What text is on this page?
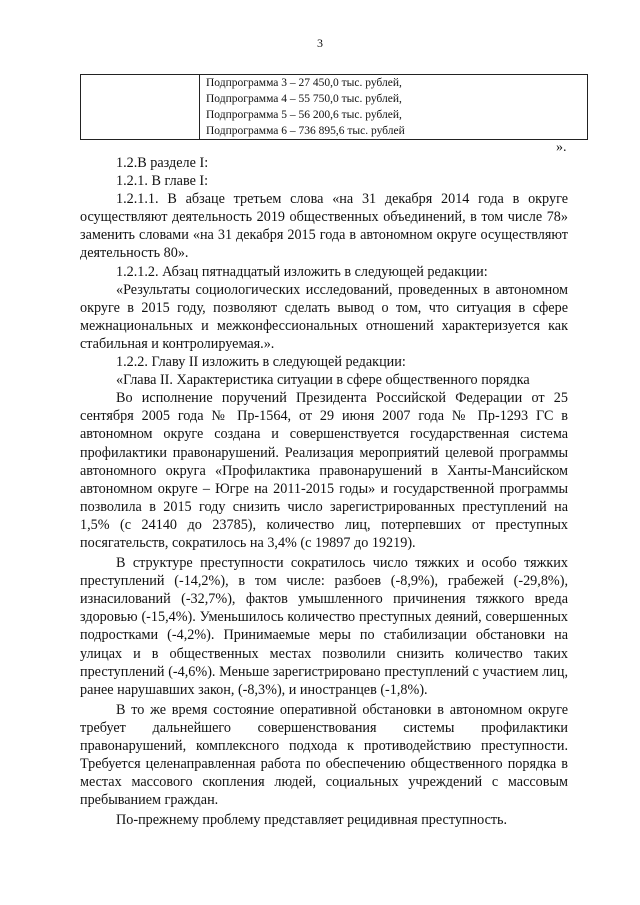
3

Подпрограмма 3 – 27 450,0 тыс. рублей,
Подпрограмма 4 – 55 750,0 тыс. рублей,
Подпрограмма 5 – 56 200,6 тыс. рублей,
Подпрограмма 6 – 736 895,6 тыс. рублей
».

1.2.В разделе I:

1.2.1. В главе I:

1.2.1.1. В абзаце третьем слова «на 31 декабря 2014 года в округе осуществляют деятельность 2019 общественных объединений, в том числе 78» заменить словами «на 31 декабря 2015 года в автономном округе осуществляют деятельность 80».

1.2.1.2. Абзац пятнадцатый изложить в следующей редакции:

«Результаты социологических исследований, проведенных в автономном округе в 2015 году, позволяют сделать вывод о том, что ситуация в сфере межнациональных и межконфессиональных отношений характеризуется как стабильная и контролируемая.».

1.2.2. Главу II изложить в следующей редакции:

«Глава II. Характеристика ситуации в сфере общественного порядка

Во исполнение поручений Президента Российской Федерации от 25 сентября 2005 года № Пр-1564, от 29 июня 2007 года № Пр-1293 ГС в автономном округе создана и совершенствуется государственная система профилактики правонарушений. Реализация мероприятий целевой программы автономного округа «Профилактика правонарушений в Ханты-Мансийском автономном округе – Югре на 2011-2015 годы» и государственной программы позволила в 2015 году снизить число зарегистрированных преступлений на 1,5% (с 24140 до 23785), количество лиц, потерпевших от преступных посягательств, сократилось на 3,4% (с 19897 до 19219).

В структуре преступности сократилось число тяжких и особо тяжких преступлений (-14,2%), в том числе: разбоев (-8,9%), грабежей (-29,8%), изнасилований (-32,7%), фактов умышленного причинения тяжкого вреда здоровью (-15,4%). Уменьшилось количество преступных деяний, совершенных подростками (-4,2%). Принимаемые меры по стабилизации обстановки на улицах и в общественных местах позволили снизить количество таких преступлений (-4,6%). Меньше зарегистрировано преступлений с участием лиц, ранее нарушавших закон, (-8,3%), и иностранцев (-1,8%).

В то же время состояние оперативной обстановки в автономном округе требует дальнейшего совершенствования системы профилактики правонарушений, комплексного подхода к противодействию преступности. Требуется целенаправленная работа по обеспечению общественного порядка в местах массового скопления людей, социальных учреждений с массовым пребыванием граждан.

По-прежнему проблему представляет рецидивная преступность.
